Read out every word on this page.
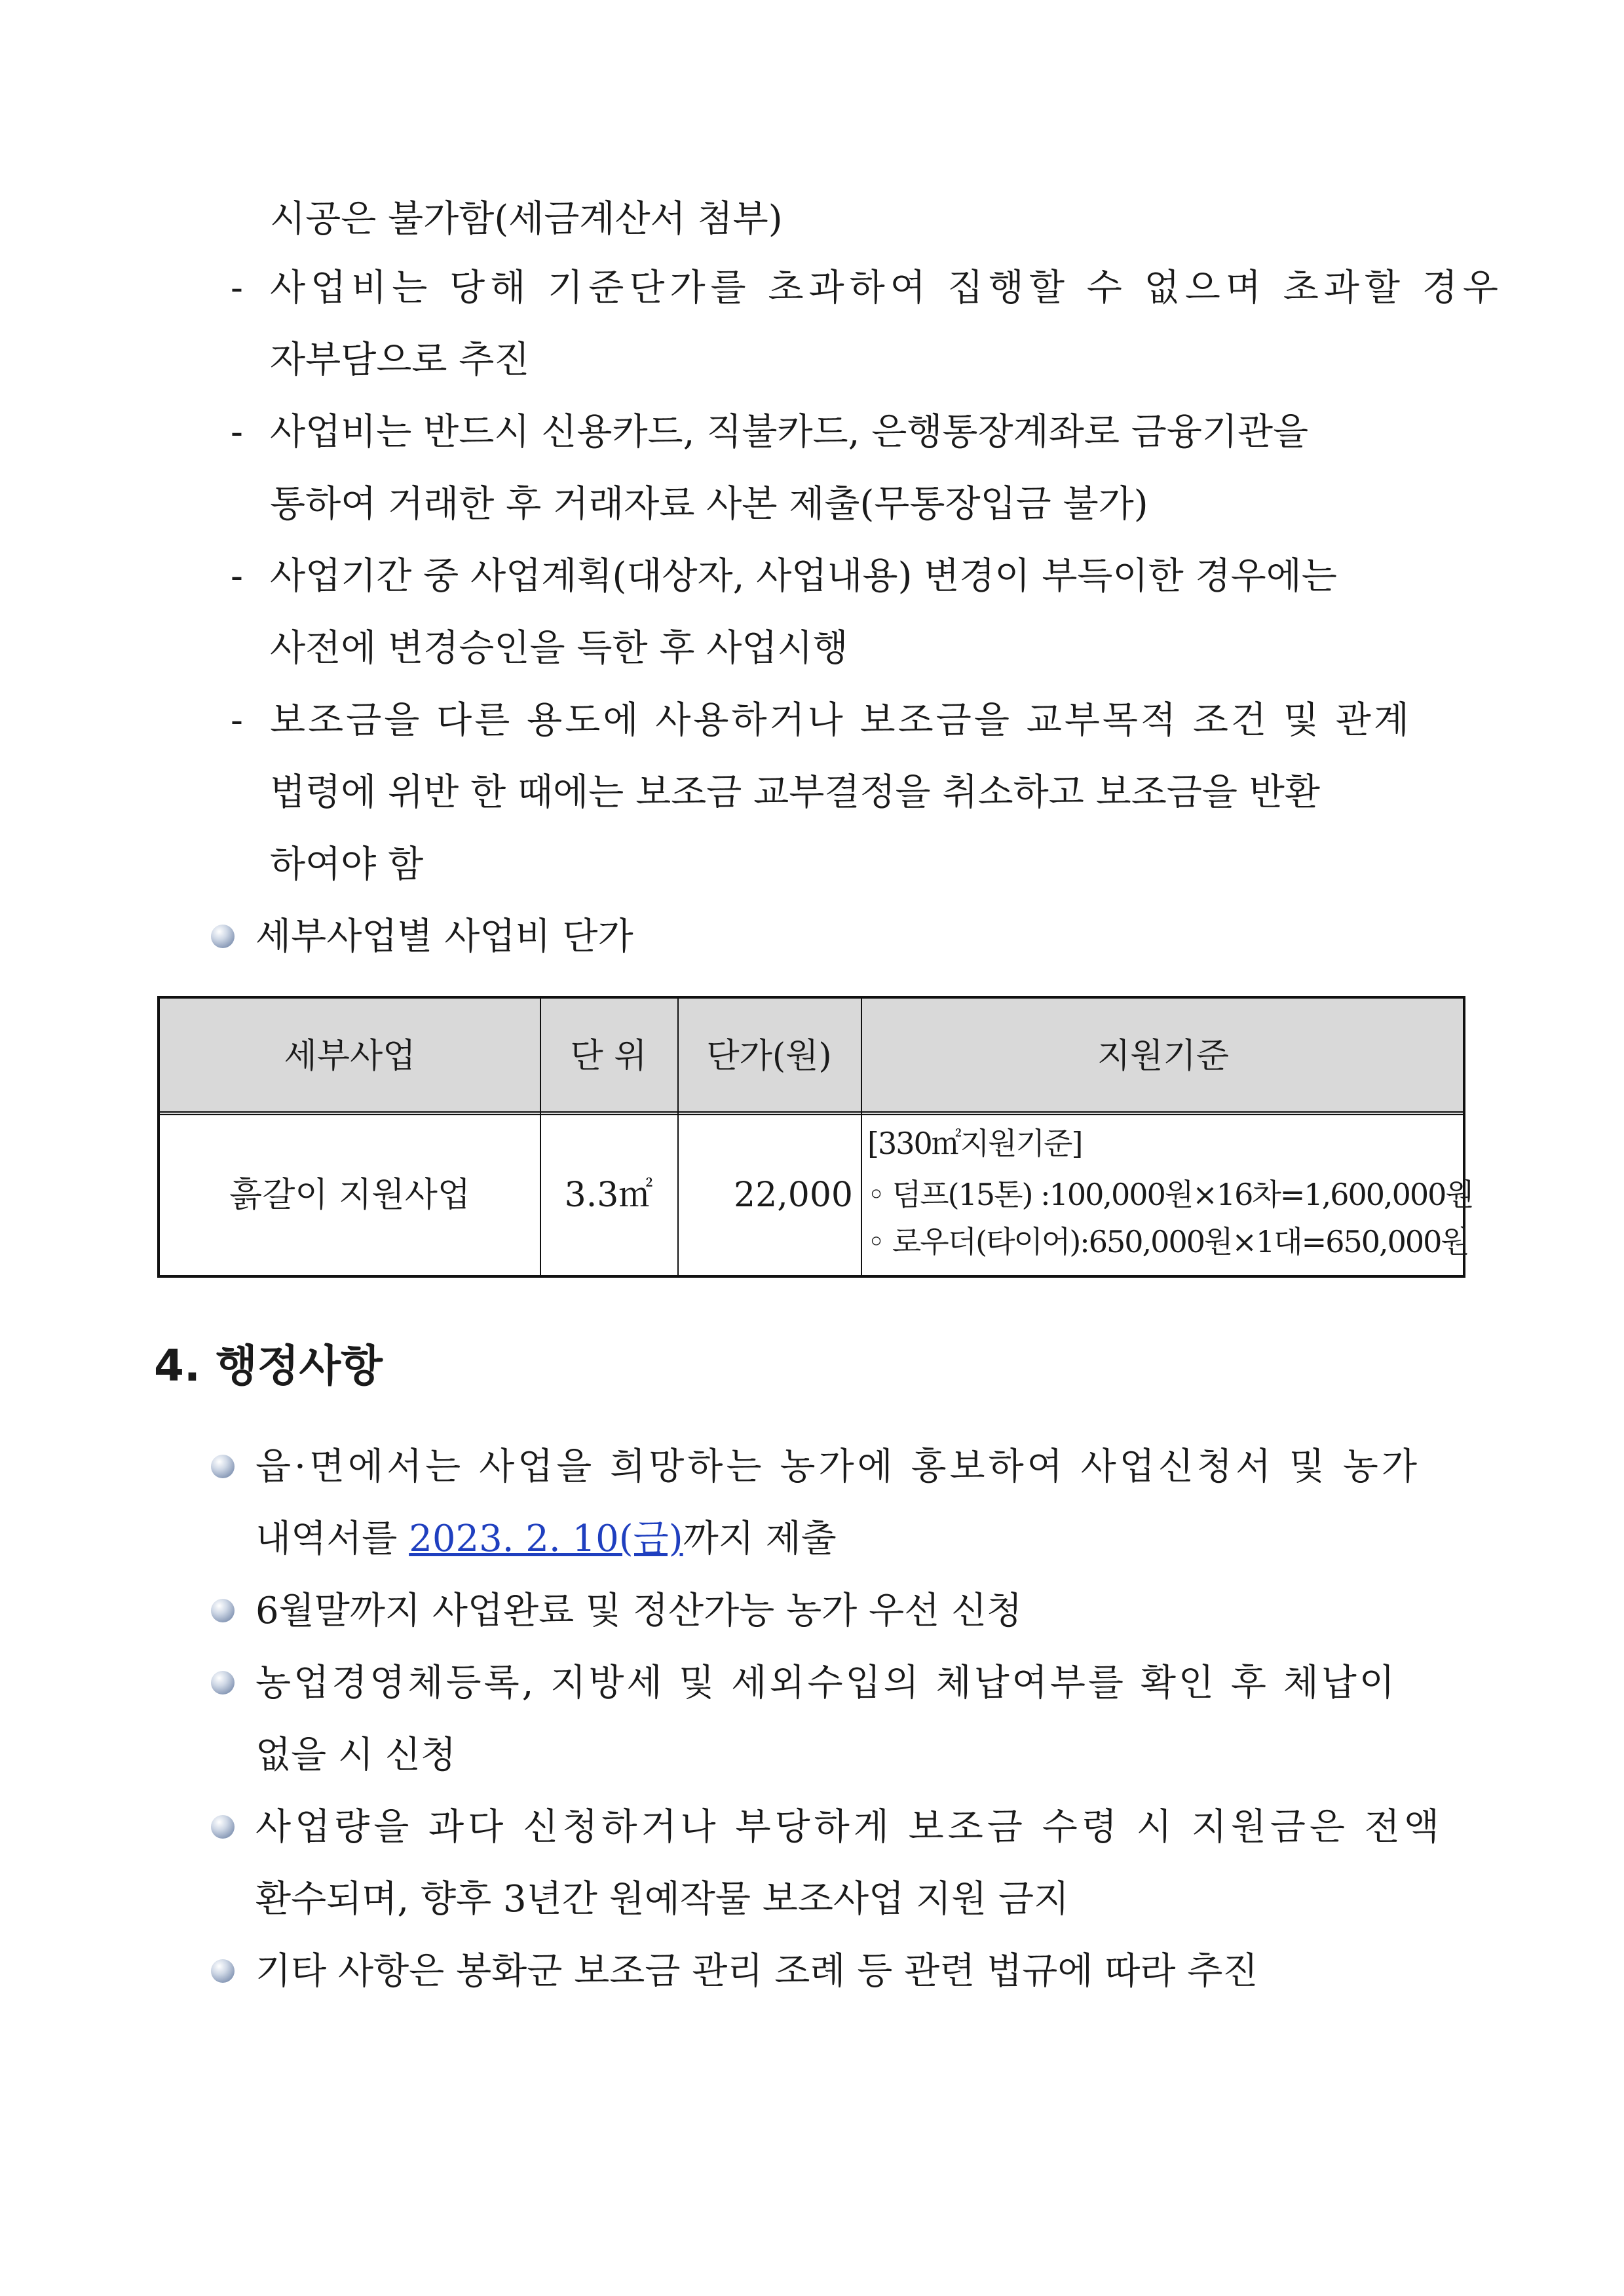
시공은 불가함(세금계산서 첨부)
- 사업비는 당해 기준단가를 초과하여 집행할 수 없으며 초과할 경우
자부담으로 추진
- 사업비는 반드시 신용카드, 직불카드, 은행통장계좌로 금융기관을
통하여 거래한 후 거래자료 사본 제출(무통장입금 불가)
- 사업기간 중 사업계획(대상자, 사업내용) 변경이 부득이한 경우에는
사전에 변경승인을 득한 후 사업시행
- 보조금을 다른 용도에 사용하거나 보조금을 교부목적 조건 및 관계
법령에 위반 한 때에는 보조금 교부결정을 취소하고 보조금을 반환
하여야 함
세부사업별 사업비 단가
세부사업	단 위	단가(원)	지원기준
흙갈이 지원사업	3.3㎡	22,000
[330㎡지원기준]
◦ 덤프(15톤) :100,000원×16차=1,600,000원
◦ 로우더(타이어):650,000원×1대=650,000원
4. 행정사항
읍·면에서는 사업을 희망하는 농가에 홍보하여 사업신청서 및 농가
내역서를 2023. 2. 10(금)까지 제출
6월말까지 사업완료 및 정산가능 농가 우선 신청
농업경영체등록, 지방세 및 세외수입의 체납여부를 확인 후 체납이
없을 시 신청
사업량을 과다 신청하거나 부당하게 보조금 수령 시 지원금은 전액
환수되며, 향후 3년간 원예작물 보조사업 지원 금지
기타 사항은 봉화군 보조금 관리 조례 등 관련 법규에 따라 추진
